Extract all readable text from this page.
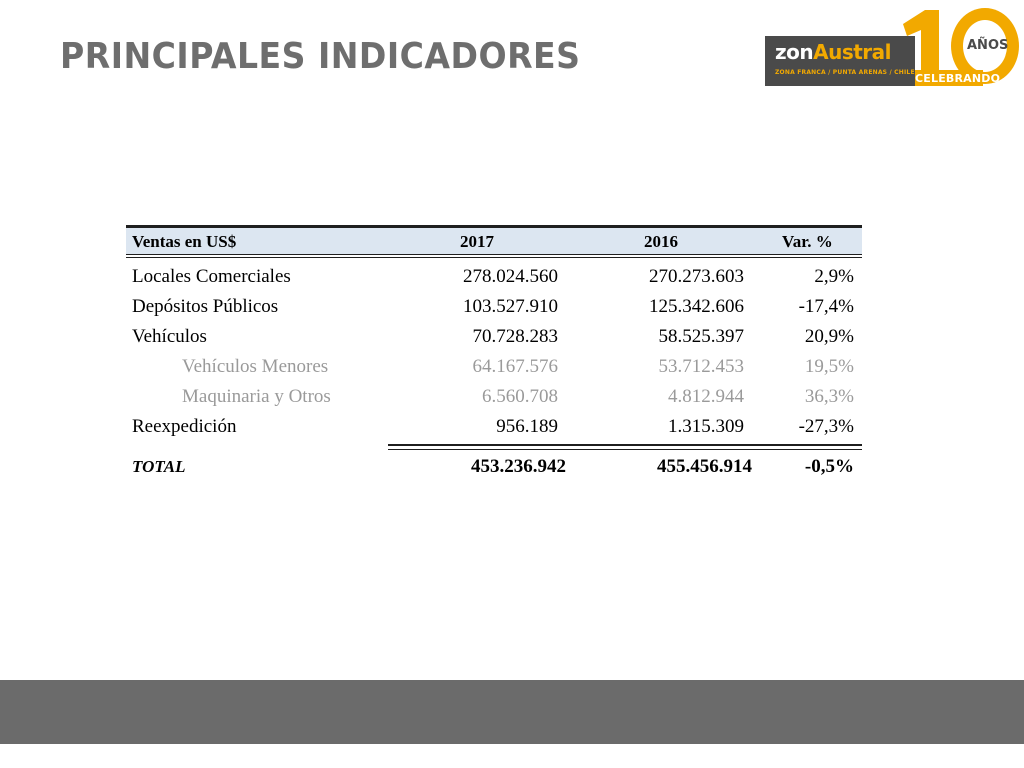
PRINCIPALES INDICADORES	zonAustral
ZONA FRANCA / PUNTA ARENAS / CHILE
AÑOS
CELEBRANDO
Ventas en US$	2017	2016	Var. %
Locales Comerciales	278.024.560	270.273.603	2,9%
Depósitos Públicos	103.527.910	125.342.606	-17,4%
Vehículos	70.728.283	58.525.397	20,9%
Vehículos Menores	64.167.576	53.712.453	19,5%
Maquinaria y Otros	6.560.708	4.812.944	36,3%
Reexpedición	956.189	1.315.309	-27,3%
TOTAL	453.236.942	455.456.914	-0,5%
